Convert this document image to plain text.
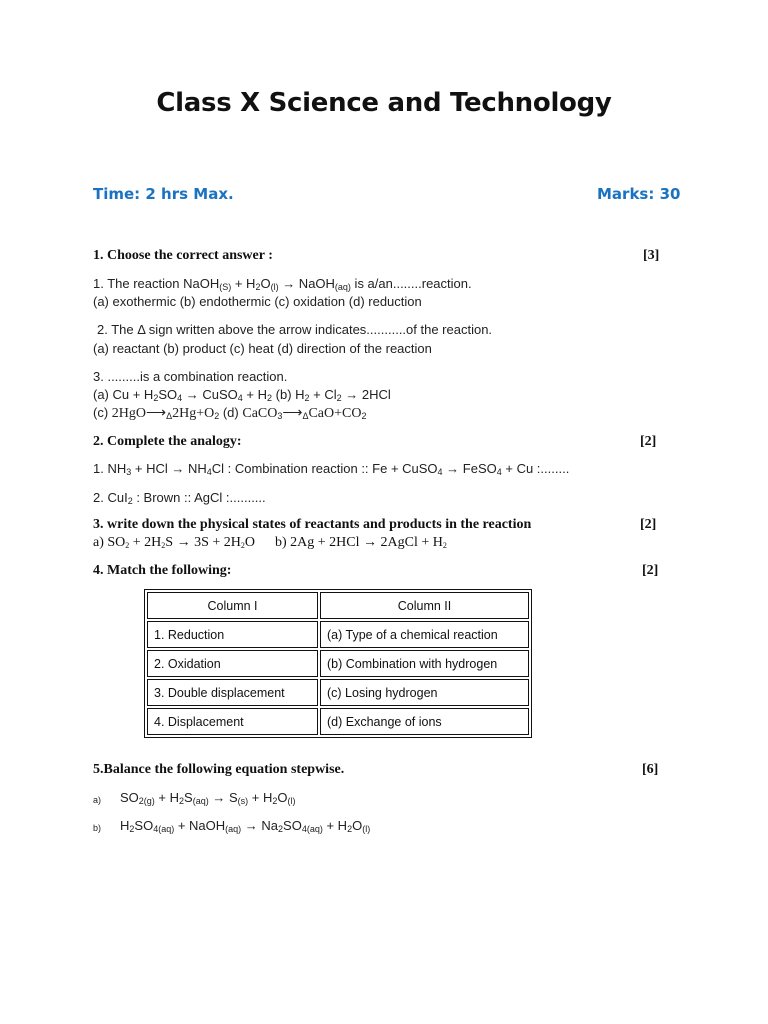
Class X Science and Technology
Time: 2 hrs Max.	Marks: 30
1. Choose the correct answer :	[3]
1. The reaction NaOH$_{(S)}$ + $H_2O_{(l)}$ → NaOH$_{(aq)}$ is a/an........reaction.
(a) exothermic (b) endothermic (c) oxidation (d) reduction
2. The Δ sign written above the arrow indicates...........of the reaction.
(a) reactant (b) product (c) heat (d) direction of the reaction
3. .........is a combination reaction.
(a) $Cu + H_2SO_4$ → CuSO$_4$ + $H_2$ (b) $H_2 + Cl_2 \to 2HCl$
(c) $2HgO⟶_\Delta 2Hg+O_2$ (d) $CaCO_3⟶_\Delta CaO+CO_2$
2. Complete the analogy:	[2]
1. $NH_3$ + HCl → $NH_4Cl$ : Combination reaction :: Fe + CuSO$_4$ → FeSO$_4$ + Cu :........
2. CuI$_2$ : Brown :: AgCl :..........
3. write down the physical states of reactants and products in the reaction	[2]
a) $SO_2 + 2H_2S \to 3S + 2H_2O$ b) 2Ag + 2HCl → 2AgCl + $H_2$
4. Match the following:	[2]
Column I	Column II
1. Reduction	(a) Type of a chemical reaction
2. Oxidation	(b) Combination with hydrogen
3. Double displacement	(c) Losing hydrogen
4. Displacement	(d) Exchange of ions
5.Balance the following equation stepwise.	[6]
a) $SO_{2(g)} + H_2S_{(aq)} \to S_{(s)} + H_2O_{(l)}$
b) $H_2SO_{4(aq)}$ + NaOH$_{(aq)}$ → $Na_2SO_{4(aq)} + H_2O_{(l)}$
